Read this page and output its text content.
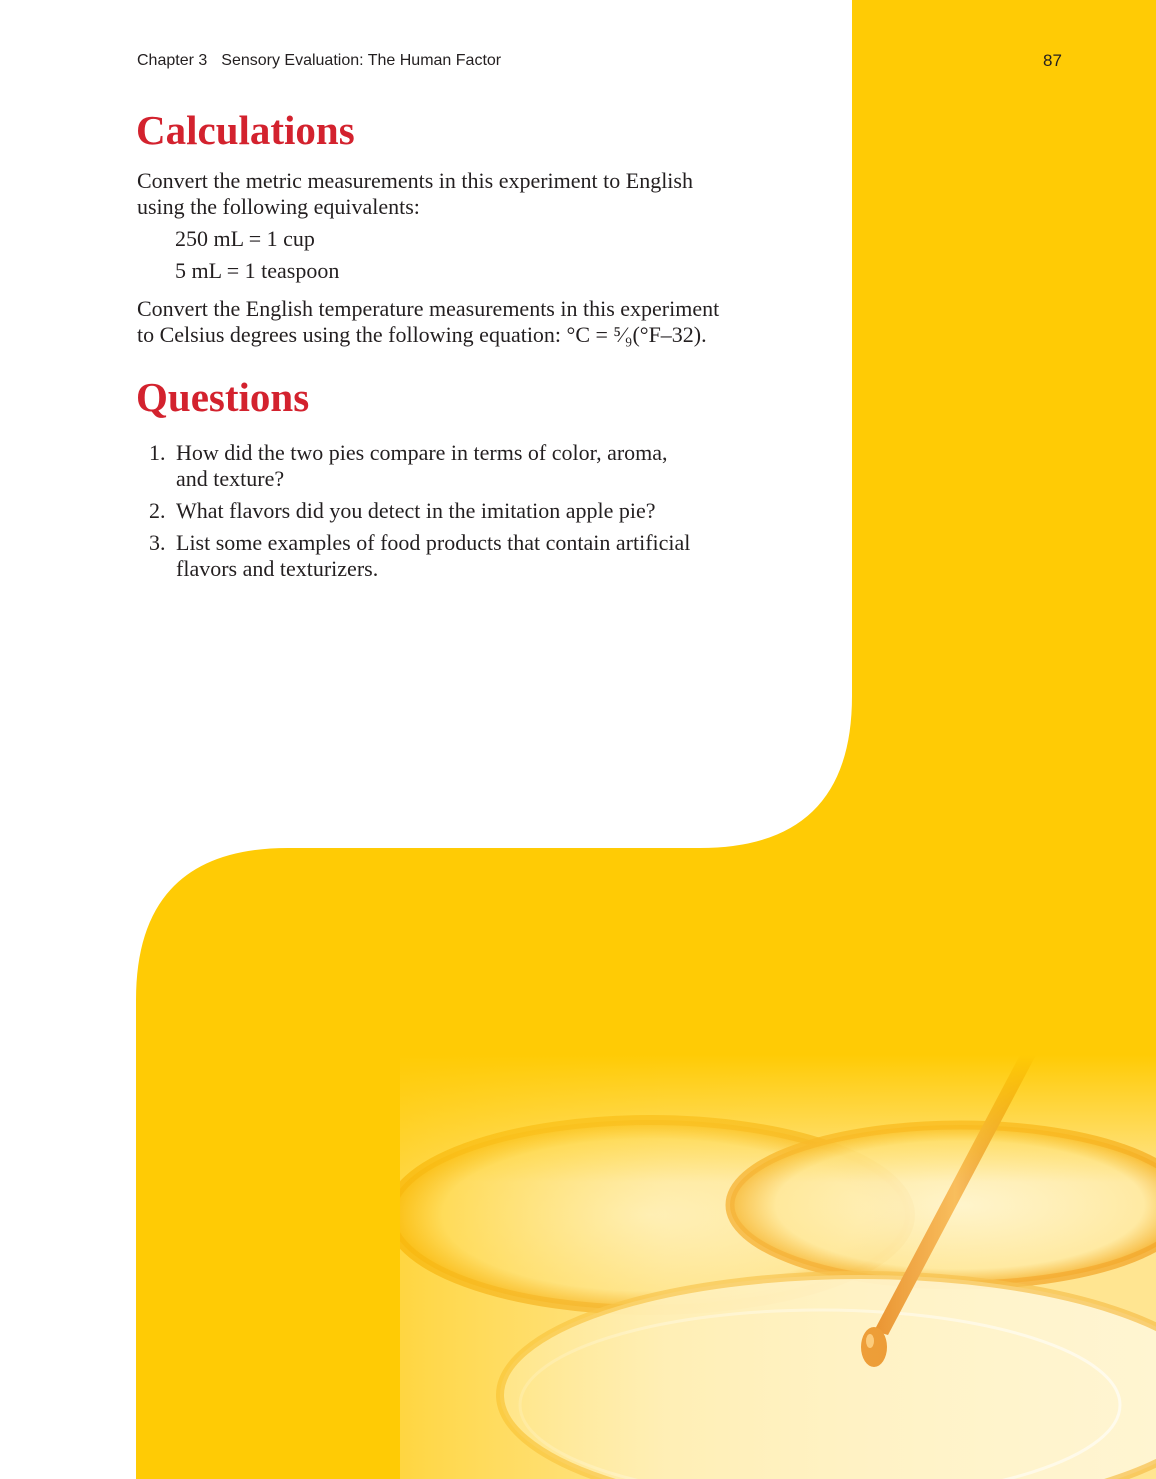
Chapter 3 Sensory Evaluation: The Human Factor	87
Calculations

Convert the metric measurements in this experiment to English
using the following equivalents:

250 mL = 1 cup
5 mL = 1 teaspoon

Convert the English temperature measurements in this experiment
to Celsius degrees using the following equation: °C = ⁵⁄₉(°F–32).

Questions
1. How did the two pies compare in terms of color, aroma,
and texture?
2. What flavors did you detect in the imitation apple pie?
3. List some examples of food products that contain artificial
flavors and texturizers.
